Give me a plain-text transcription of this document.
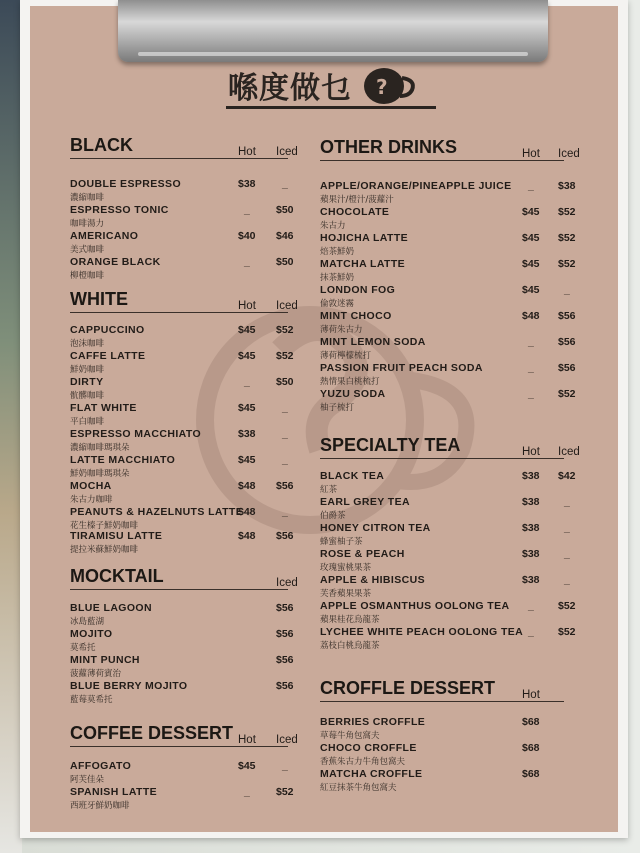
喺度做乜 ?
BLACK	Hot Iced
DOUBLE ESPRESSO
濃縮咖啡
$38	_
ESPRESSO TONIC
咖啡湯力
_ $50
AMERICANO
美式咖啡
$40 $46
ORANGE BLACK
柳橙咖啡
_ $50
WHITE	Hot Iced
CAPPUCCINO
泡沫咖啡
$45 $52
CAFFE LATTE
鮮奶咖啡
$45 $52
DIRTY
骯髒咖啡
_ $50
FLAT WHITE
平白咖啡
$45	_
ESPRESSO MACCHIATO
濃縮咖啡瑪琪朵
$38	_
LATTE MACCHIATO
鮮奶咖啡瑪琪朵
$45	_
MOCHA
朱古力咖啡
$48 $56
PEANUTS & HAZELNUTS LATTE
花生榛子鮮奶咖啡
$48	_
TIRAMISU LATTE
提拉米蘇鮮奶咖啡
$48 $56
MOCKTAIL	Iced
BLUE LAGOON
冰島藍湖
$56
MOJITO
莫希托
$56
MINT PUNCH
菠蘿薄荷賓治
$56
BLUE BERRY MOJITO
藍莓莫希托
$56
COFFEE DESSERT Hot Iced
AFFOGATO
阿芙佳朵
$45	_
SPANISH LATTE
西班牙鮮奶咖啡
_ $52
OTHER DRINKS	Hot Iced
APPLE/ORANGE/PINEAPPLE JUICE
蘋果汁/橙汁/菠蘿汁
_ $38
CHOCOLATE
朱古力
$45 $52
HOJICHA LATTE
焙茶鮮奶
$45 $52
MATCHA LATTE
抹茶鮮奶
$45 $52
LONDON FOG
倫敦迷霧
$45 _
MINT CHOCO
薄荷朱古力
$48 $56
MINT LEMON SODA
薄荷檸檬梳打
_ $56
PASSION FRUIT PEACH SODA
熱情果白桃梳打
_ $56
YUZU SODA
柚子梳打
_ $52
SPECIALTY TEA	Hot Iced
BLACK TEA
紅茶
$38 $42
EARL GREY TEA
伯爵茶
$38 _
HONEY CITRON TEA
蜂蜜柚子茶
$38 _
ROSE & PEACH
玫瑰蜜桃果茶
$38 _
APPLE & HIBISCUS
芙香蘋果果茶
$38 _
APPLE OSMANTHUS OOLONG TEA
蘋果桂花烏龍茶
_ $52
LYCHEE WHITE PEACH OOLONG TEA
荔枝白桃烏龍茶
_ $52
CROFFLE DESSERT Hot
BERRIES CROFFLE
草莓牛角包窩夫
$68
CHOCO CROFFLE
香蕉朱古力牛角包窩夫
$68
MATCHA CROFFLE
紅豆抹茶牛角包窩夫
$68
